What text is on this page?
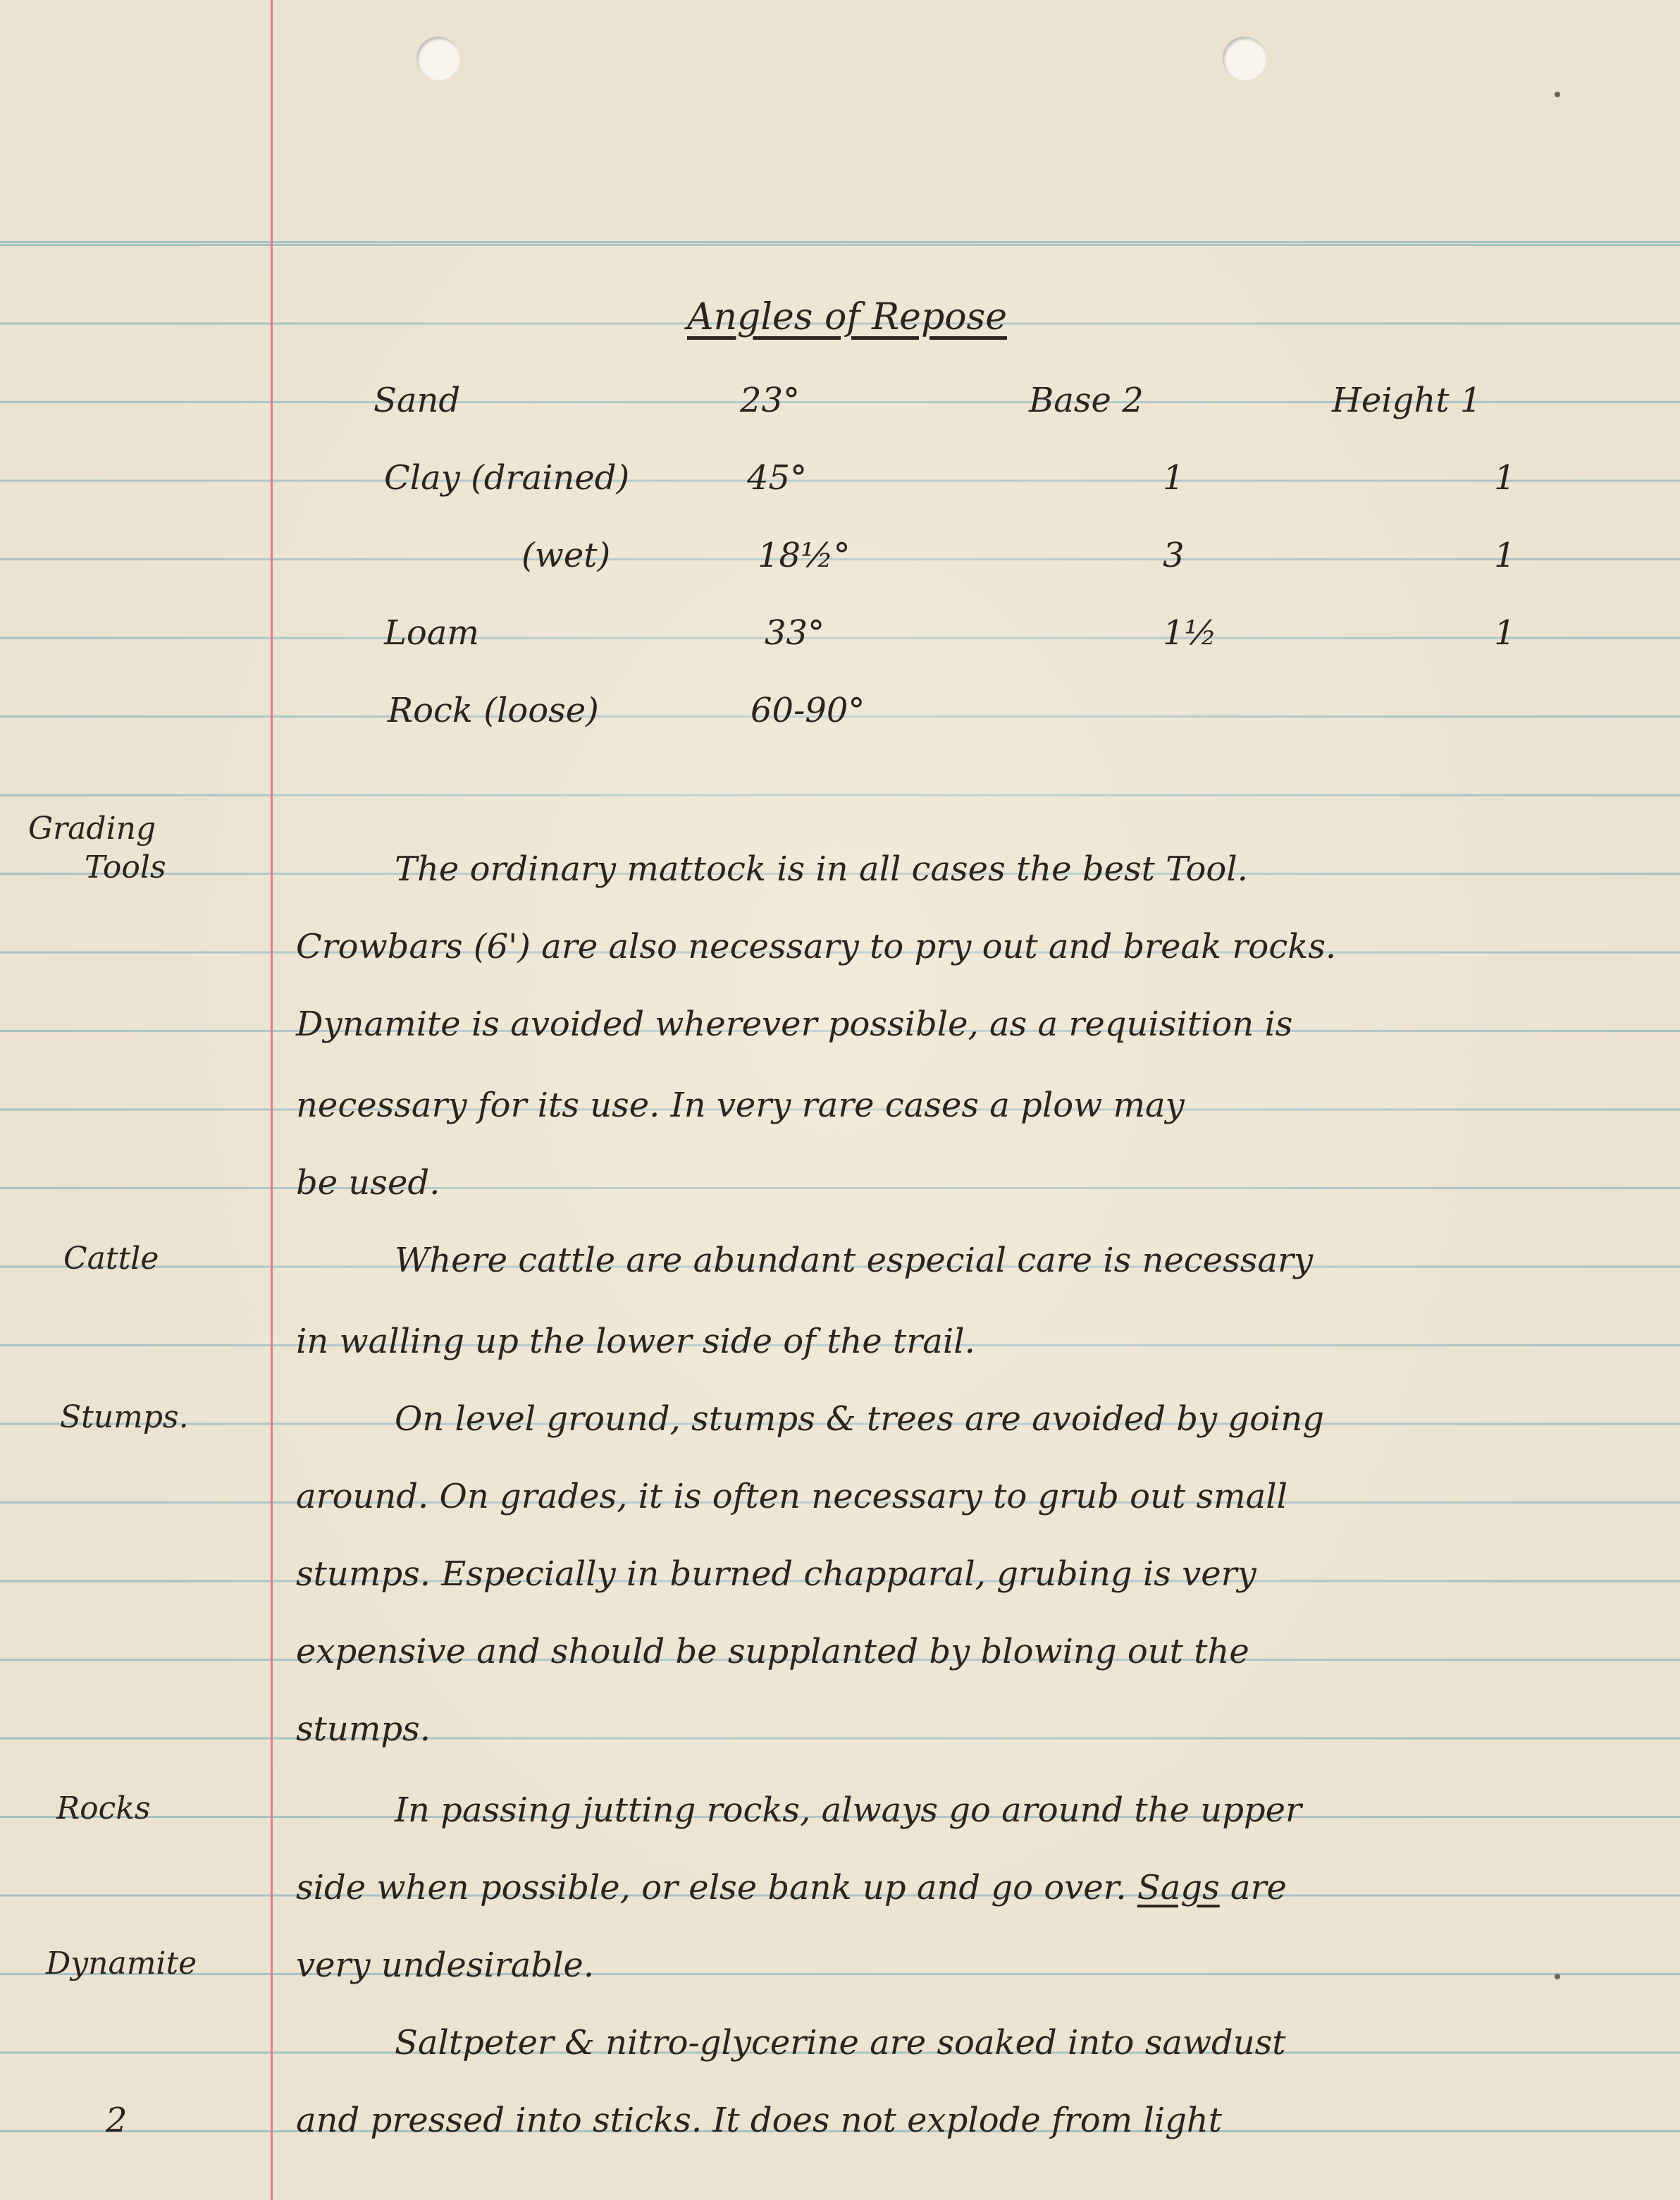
Angles of Repose
Sand	23°	Base 2	Height 1
Clay (drained)	45°	1	1
(wet)	18½°	3	1
Loam	33°	1½	1
Rock (loose)	60-90°
Grading
Tools
Cattle
Stumps.
Rocks
Dynamite
2
The ordinary mattock is in all cases the best Tool.
Crowbars (6') are also necessary to pry out and break rocks.
Dynamite is avoided wherever possible, as a requisition is
necessary for its use. In very rare cases a plow may
be used.
Where cattle are abundant especial care is necessary
in walling up the lower side of the trail.
On level ground, stumps & trees are avoided by going
around. On grades, it is often necessary to grub out small
stumps. Especially in burned chapparal, grubing is very
expensive and should be supplanted by blowing out the
stumps.
In passing jutting rocks, always go around the upper
side when possible, or else bank up and go over. Sags are
very undesirable.
Saltpeter & nitro-glycerine are soaked into sawdust
and pressed into sticks. It does not explode from light
